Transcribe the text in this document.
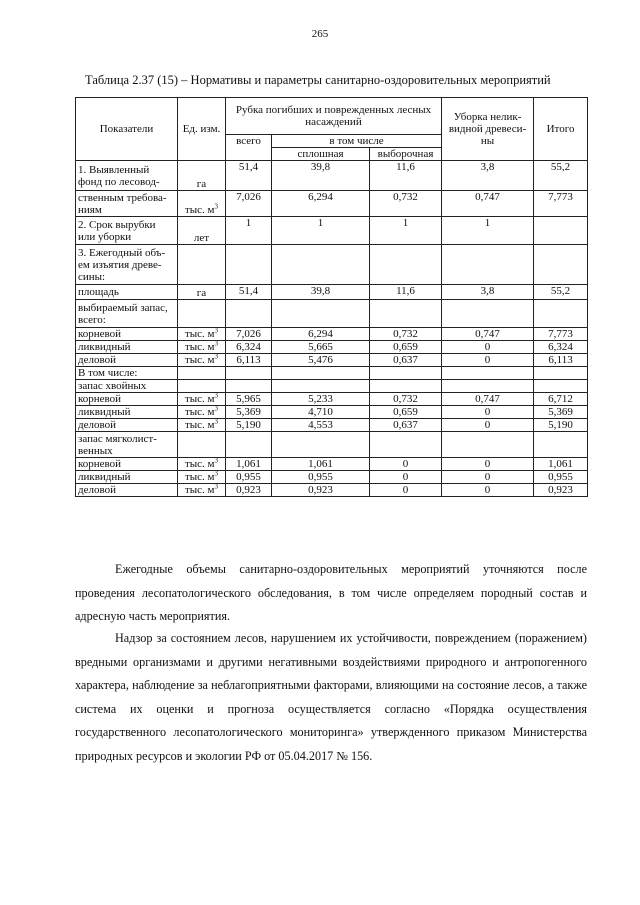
265
Таблица 2.37 (15) – Нормативы и параметры санитарно-оздоровительных мероприятий
Показатели	Ед. изм.	Рубка погибших и поврежденных лесных насаждений			Уборка нелик-видной древеси-ны	Итого
		всего	в том числе			
			сплошная	выборочная		
1. Выявленный фонд по лесовод-	га	51,4	39,8	11,6	3,8	55,2
ственным требова-ниям	тыс. $м^3$	7,026	6,294	0,732	0,747	7,773
2. Срок вырубки или уборки	лет	1	1	1	1	
3. Ежегодный объ-ем изъятия древе-сины:						
площадь	га	51,4	39,8	11,6	3,8	55,2
выбираемый запас, всего:						
корневой	тыс. $м^3$	7,026	6,294	0,732	0,747	7,773
ликвидный	тыс. $м^3$	6,324	5,665	0,659	0	6,324
деловой	тыс. $м^3$	6,113	5,476	0,637	0	6,113
В том числе:						
запас хвойных						
корневой	тыс. $м^3$	5,965	5,233	0,732	0,747	6,712
ликвидный	тыс. $м^3$	5,369	4,710	0,659	0	5,369
деловой	тыс. $м^3$	5,190	4,553	0,637	0	5,190
запас мягколист-венных						
корневой	тыс. $м^3$	1,061	1,061	0	0	1,061
ликвидный	тыс. $м^3$	0,955	0,955	0	0	0,955
деловой	тыс. $м^3$	0,923	0,923	0	0	0,923

Ежегодные объемы санитарно-оздоровительных мероприятий уточняются после проведения лесопатологического обследования, в том числе определяем породный состав и адресную часть мероприятия.

Надзор за состоянием лесов, нарушением их устойчивости, повреждением (поражением) вредными организмами и другими негативными воздействиями природного и антропогенного характера, наблюдение за неблагоприятными факторами, влияющими на состояние лесов, а также система их оценки и прогноза осуществляется согласно «Порядка осуществления государственного лесопатологического мониторинга» утвержденного приказом Министерства природных ресурсов и экологии РФ от 05.04.2017 № 156.
